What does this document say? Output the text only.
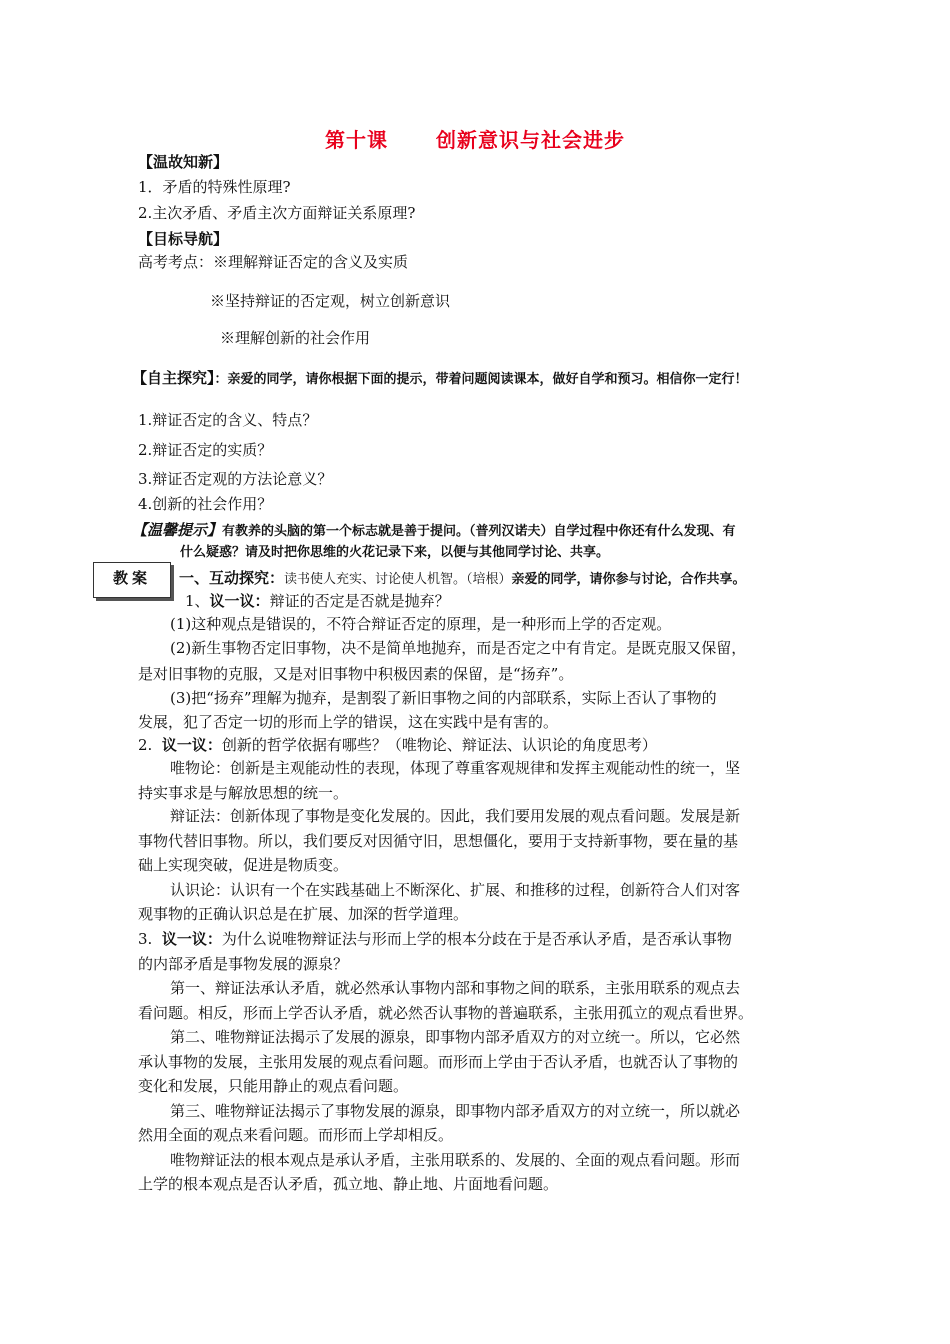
第十课 创新意识与社会进步
【温故知新】
1．矛盾的特殊性原理?
2.主次矛盾、矛盾主次方面辩证关系原理?
【目标导航】
高考考点：※理解辩证否定的含义及实质
※坚持辩证的否定观，树立创新意识
※理解创新的社会作用
【自主探究】：亲爱的同学，请你根据下面的提示，带着问题阅读课本，做好自学和预习。相信你一定行！
1.辩证否定的含义、特点？
2.辩证否定的实质？
3.辩证否定观的方法论意义？
4.创新的社会作用？
【温馨提示】有教养的头脑的第一个标志就是善于提问。（普列汉诺夫）自学过程中你还有什么发现、有
什么疑惑？请及时把你思维的火花记录下来，以便与其他同学讨论、共享。
教案	一、互动探究：读书使人充实、讨论使人机智。（培根）亲爱的同学，请你参与讨论，合作共享。
1、议一议：辩证的否定是否就是抛弃？
(1)这种观点是错误的，不符合辩证否定的原理，是一种形而上学的否定观。
(2)新生事物否定旧事物，决不是简单地抛弃，而是否定之中有肯定。是既克服又保留，
是对旧事物的克服，又是对旧事物中积极因素的保留，是“扬弃”。
(3)把“扬弃”理解为抛弃，是割裂了新旧事物之间的内部联系，实际上否认了事物的
发展，犯了否定一切的形而上学的错误，这在实践中是有害的。
2. 议一议：创新的哲学依据有哪些？（唯物论、辩证法、认识论的角度思考）
唯物论：创新是主观能动性的表现，体现了尊重客观规律和发挥主观能动性的统一，坚
持实事求是与解放思想的统一。
辩证法：创新体现了事物是变化发展的。因此，我们要用发展的观点看问题。发展是新
事物代替旧事物。所以，我们要反对因循守旧，思想僵化，要用于支持新事物，要在量的基
础上实现突破，促进是物质变。
认识论：认识有一个在实践基础上不断深化、扩展、和推移的过程，创新符合人们对客
观事物的正确认识总是在扩展、加深的哲学道理。
3. 议一议：为什么说唯物辩证法与形而上学的根本分歧在于是否承认矛盾，是否承认事物
的内部矛盾是事物发展的源泉？
第一、辩证法承认矛盾，就必然承认事物内部和事物之间的联系，主张用联系的观点去
看问题。相反，形而上学否认矛盾，就必然否认事物的普遍联系，主张用孤立的观点看世界。
第二、唯物辩证法揭示了发展的源泉，即事物内部矛盾双方的对立统一。所以，它必然
承认事物的发展，主张用发展的观点看问题。而形而上学由于否认矛盾，也就否认了事物的
变化和发展，只能用静止的观点看问题。
第三、唯物辩证法揭示了事物发展的源泉，即事物内部矛盾双方的对立统一，所以就必
然用全面的观点来看问题。而形而上学却相反。
唯物辩证法的根本观点是承认矛盾，主张用联系的、发展的、全面的观点看问题。形而
上学的根本观点是否认矛盾，孤立地、静止地、片面地看问题。
